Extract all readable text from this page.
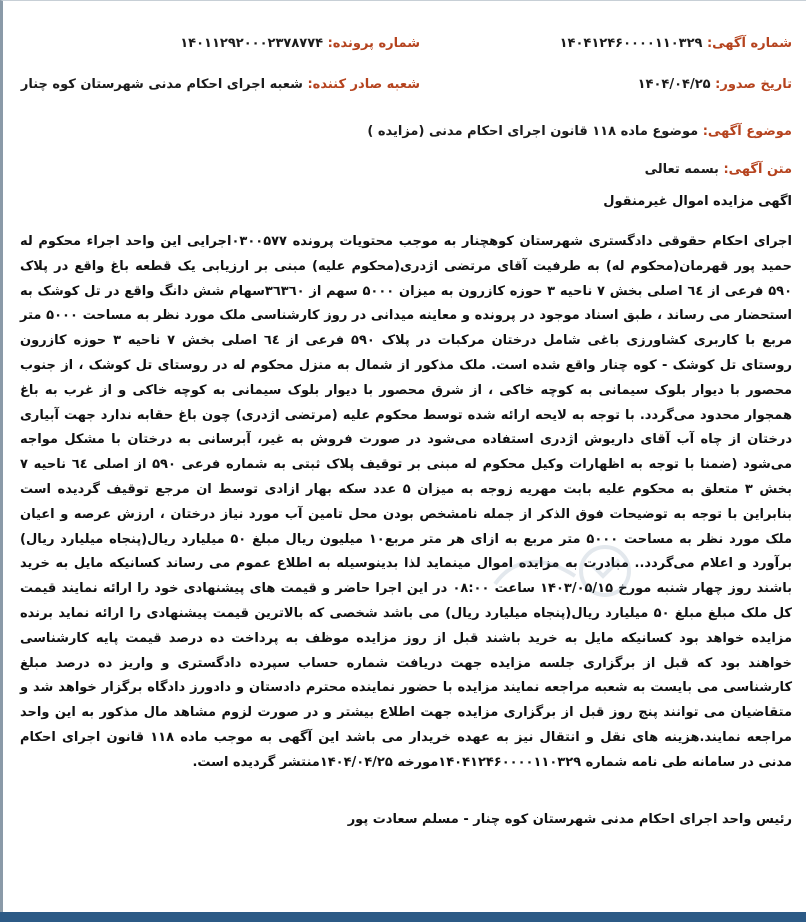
شماره آگهی: ۱۴۰۴۱۲۴۶۰۰۰۰۱۱۰۳۲۹
شماره پرونده: ۱۴۰۱۱۲۹۲۰۰۰۲۳۷۸۷۷۴
تاریخ صدور: ۱۴۰۴/۰۴/۲۵
شعبه صادر کننده: شعبه اجرای احکام مدنی شهرستان کوه چنار
موضوع آگهی: موضوع ماده ۱۱۸ قانون اجرای احکام مدنی (مزایده )
متن آگهی: بسمه تعالی
اگهی مزایده اموال غیرمنقول
اجرای احکام حقوقی دادگستری شهرستان کوهچنار به موجب محتویات پرونده ۰۳۰۰۵۷۷اجرایی این واحد اجراء محکوم له حمید پور قهرمان(محکوم له) به طرفیت آقای مرتضی اژدری(محکوم علیه) مبنی بر ارزیابی یک قطعه باغ واقع در پلاک ۵۹۰ فرعی از ٦٤ اصلی بخش ۷ ناحیه ۳ حوزه کازرون به میزان ۵۰۰۰ سهم از ۳٦۳٦۰سهام شش دانگ واقع در تل کوشک به استحضار می رساند ، طبق اسناد موجود در پرونده و معاینه میدانی در روز کارشناسی ملک مورد نظر به مساحت ۵۰۰۰ متر مربع با کاربری کشاورزی باغی شامل درختان مرکبات در پلاک ۵۹۰ فرعی از ٦٤ اصلی بخش ۷ ناحیه ۳ حوزه کازرون روستای تل کوشک - کوه چنار واقع شده است. ملک مذکور از شمال به منزل محکوم له در روستای تل کوشک ، از جنوب محصور با دیوار بلوک سیمانی به کوچه خاکی ، از شرق محصور با دیوار بلوک سیمانی به کوچه خاکی و از غرب به باغ همجوار محدود می‌گردد. با توجه به لایحه ارائه شده توسط محکوم علیه (مرتضی اژدری) چون باغ حقابه ندارد جهت آبیاری درختان از چاه آب آقای داریوش اژدری استفاده می‌شود در صورت فروش به غیر، آبرسانی به درختان با مشکل مواجه می‌شود (ضمنا با توجه به اظهارات وکیل محکوم له مبنی بر توقیف پلاک ثبتی به شماره فرعی ۵۹۰ از اصلی ٦٤ ناحیه ۷ بخش ۳ متعلق به محکوم علیه بابت مهریه زوجه به میزان ۵ عدد سکه بهار ازادی توسط ان مرجع توقیف گردیده است بنابراین با توجه به توضیحات فوق الذکر از جمله نامشخص بودن محل تامین آب مورد نیاز درختان ، ارزش عرصه و اعیان ملک مورد نظر به مساحت ۵۰۰۰ متر مربع به ازای هر متر مربع۱۰ میلیون ریال مبلغ ۵۰ میلیارد ریال(پنجاه میلیارد ریال) برآورد و اعلام می‌گردد.. مبادرت به مزایده اموال مینماید لذا بدینوسیله به اطلاع عموم می رساند کسانیکه مایل به خرید باشند روز چهار شنبه مورخ ۱۴۰۳/۰۵/۱۵ ساعت ۰۸:۰۰ در این اجرا حاضر و قیمت های پیشنهادی خود را ارائه نمایند قیمت کل ملک مبلغ مبلغ ۵۰ میلیارد ریال(پنجاه میلیارد ریال) می باشد شخصی که بالاترین قیمت پیشنهادی را ارائه نماید برنده مزایده خواهد بود کسانیکه مایل به خرید باشند قبل از روز مزایده موظف به پرداخت ده درصد قیمت پایه کارشناسی خواهند بود که قبل از برگزاری جلسه مزایده جهت دریافت شماره حساب سپرده دادگستری و واریز ده درصد مبلغ کارشناسی می بایست به شعبه مراجعه نمایند مزایده با حضور نماینده محترم دادستان و دادورز دادگاه برگزار خواهد شد و متقاضیان می توانند پنج روز قبل از برگزاری مزایده جهت اطلاع بیشتر و در صورت لزوم مشاهد مال مذکور به این واحد مراجعه نمایند.هزینه های نقل و انتقال نیز به عهده خریدار می باشد این آگهی به موجب ماده ۱۱۸ قانون اجرای احکام مدنی در سامانه طی نامه شماره ۱۴۰۴۱۲۴۶۰۰۰۰۱۱۰۳۲۹مورخه ۱۴۰۴/۰۴/۲۵منتشر گردیده است.
رئیس واحد اجرای احکام مدنی شهرستان کوه چنار - مسلم سعادت پور
